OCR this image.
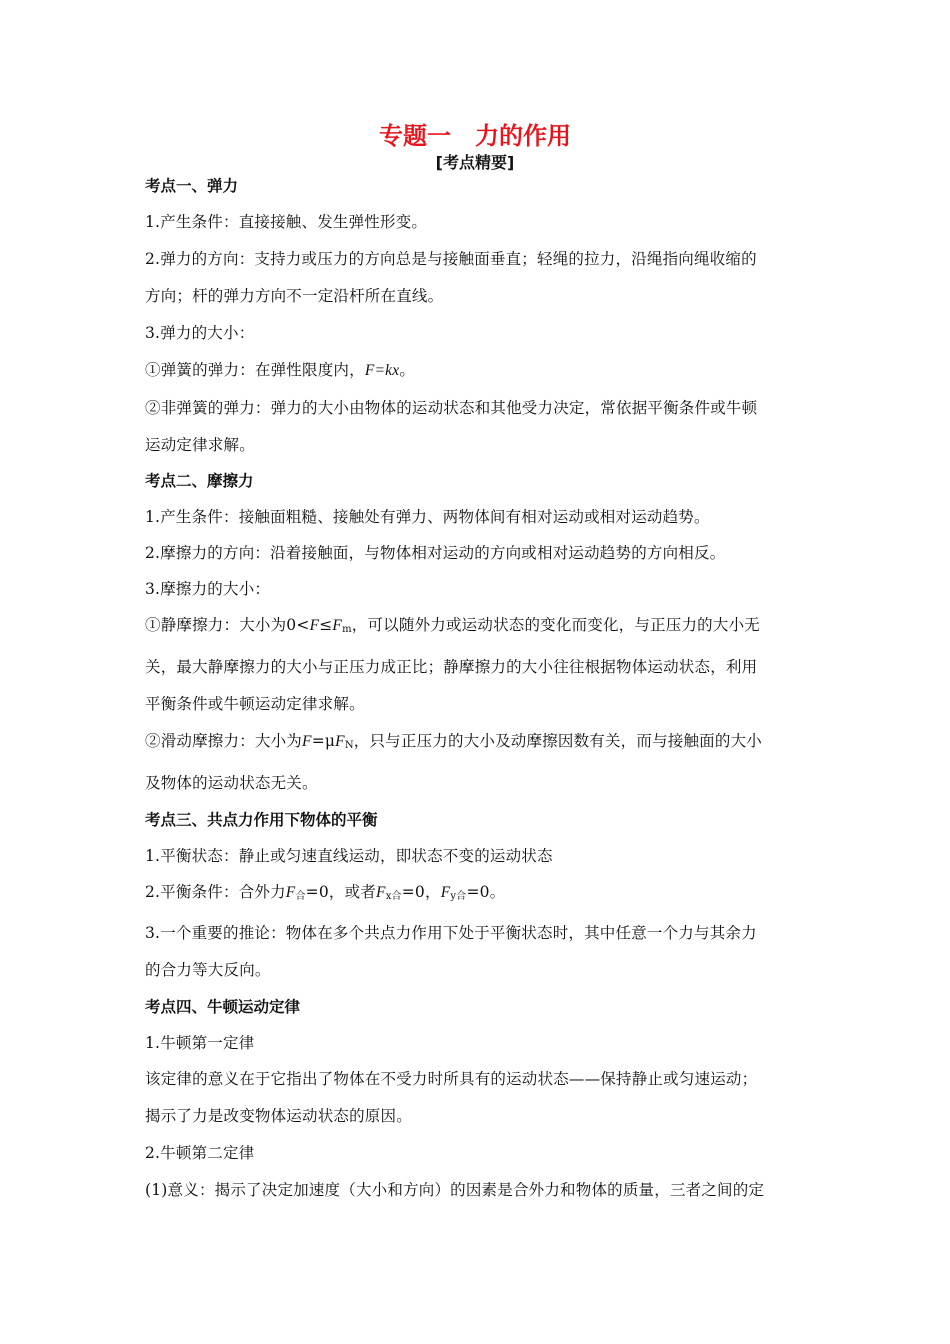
专题一　力的作用
[考点精要]

考点一、弹力

1.产生条件：直接接触、发生弹性形变。

2.弹力的方向：支持力或压力的方向总是与接触面垂直；轻绳的拉力，沿绳指向绳收缩的

方向；杆的弹力方向不一定沿杆所在直线。

3.弹力的大小：

①弹簧的弹力：在弹性限度内，F=kx。

②非弹簧的弹力：弹力的大小由物体的运动状态和其他受力决定，常依据平衡条件或牛顿

运动定律求解。

考点二、摩擦力

1.产生条件：接触面粗糙、接触处有弹力、两物体间有相对运动或相对运动趋势。

2.摩擦力的方向：沿着接触面，与物体相对运动的方向或相对运动趋势的方向相反。

3.摩擦力的大小：

①静摩擦力：大小为$0<F\le F_m$，可以随外力或运动状态的变化而变化，与正压力的大小无

关，最大静摩擦力的大小与正压力成正比；静摩擦力的大小往往根据物体运动状态，利用

平衡条件或牛顿运动定律求解。

②滑动摩擦力：大小为$F=\mu F_N$，只与正压力的大小及动摩擦因数有关，而与接触面的大小

及物体的运动状态无关。

考点三、共点力作用下物体的平衡

1.平衡状态：静止或匀速直线运动，即状态不变的运动状态

2.平衡条件：合外力$F_合=0$，或者$F_{x合}=0$，$F_{y合}=0$。

3.一个重要的推论：物体在多个共点力作用下处于平衡状态时，其中任意一个力与其余力

的合力等大反向。

考点四、牛顿运动定律

1.牛顿第一定律

该定律的意义在于它指出了物体在不受力时所具有的运动状态——保持静止或匀速运动；

揭示了力是改变物体运动状态的原因。

2.牛顿第二定律

(1)意义：揭示了决定加速度（大小和方向）的因素是合外力和物体的质量，三者之间的定
